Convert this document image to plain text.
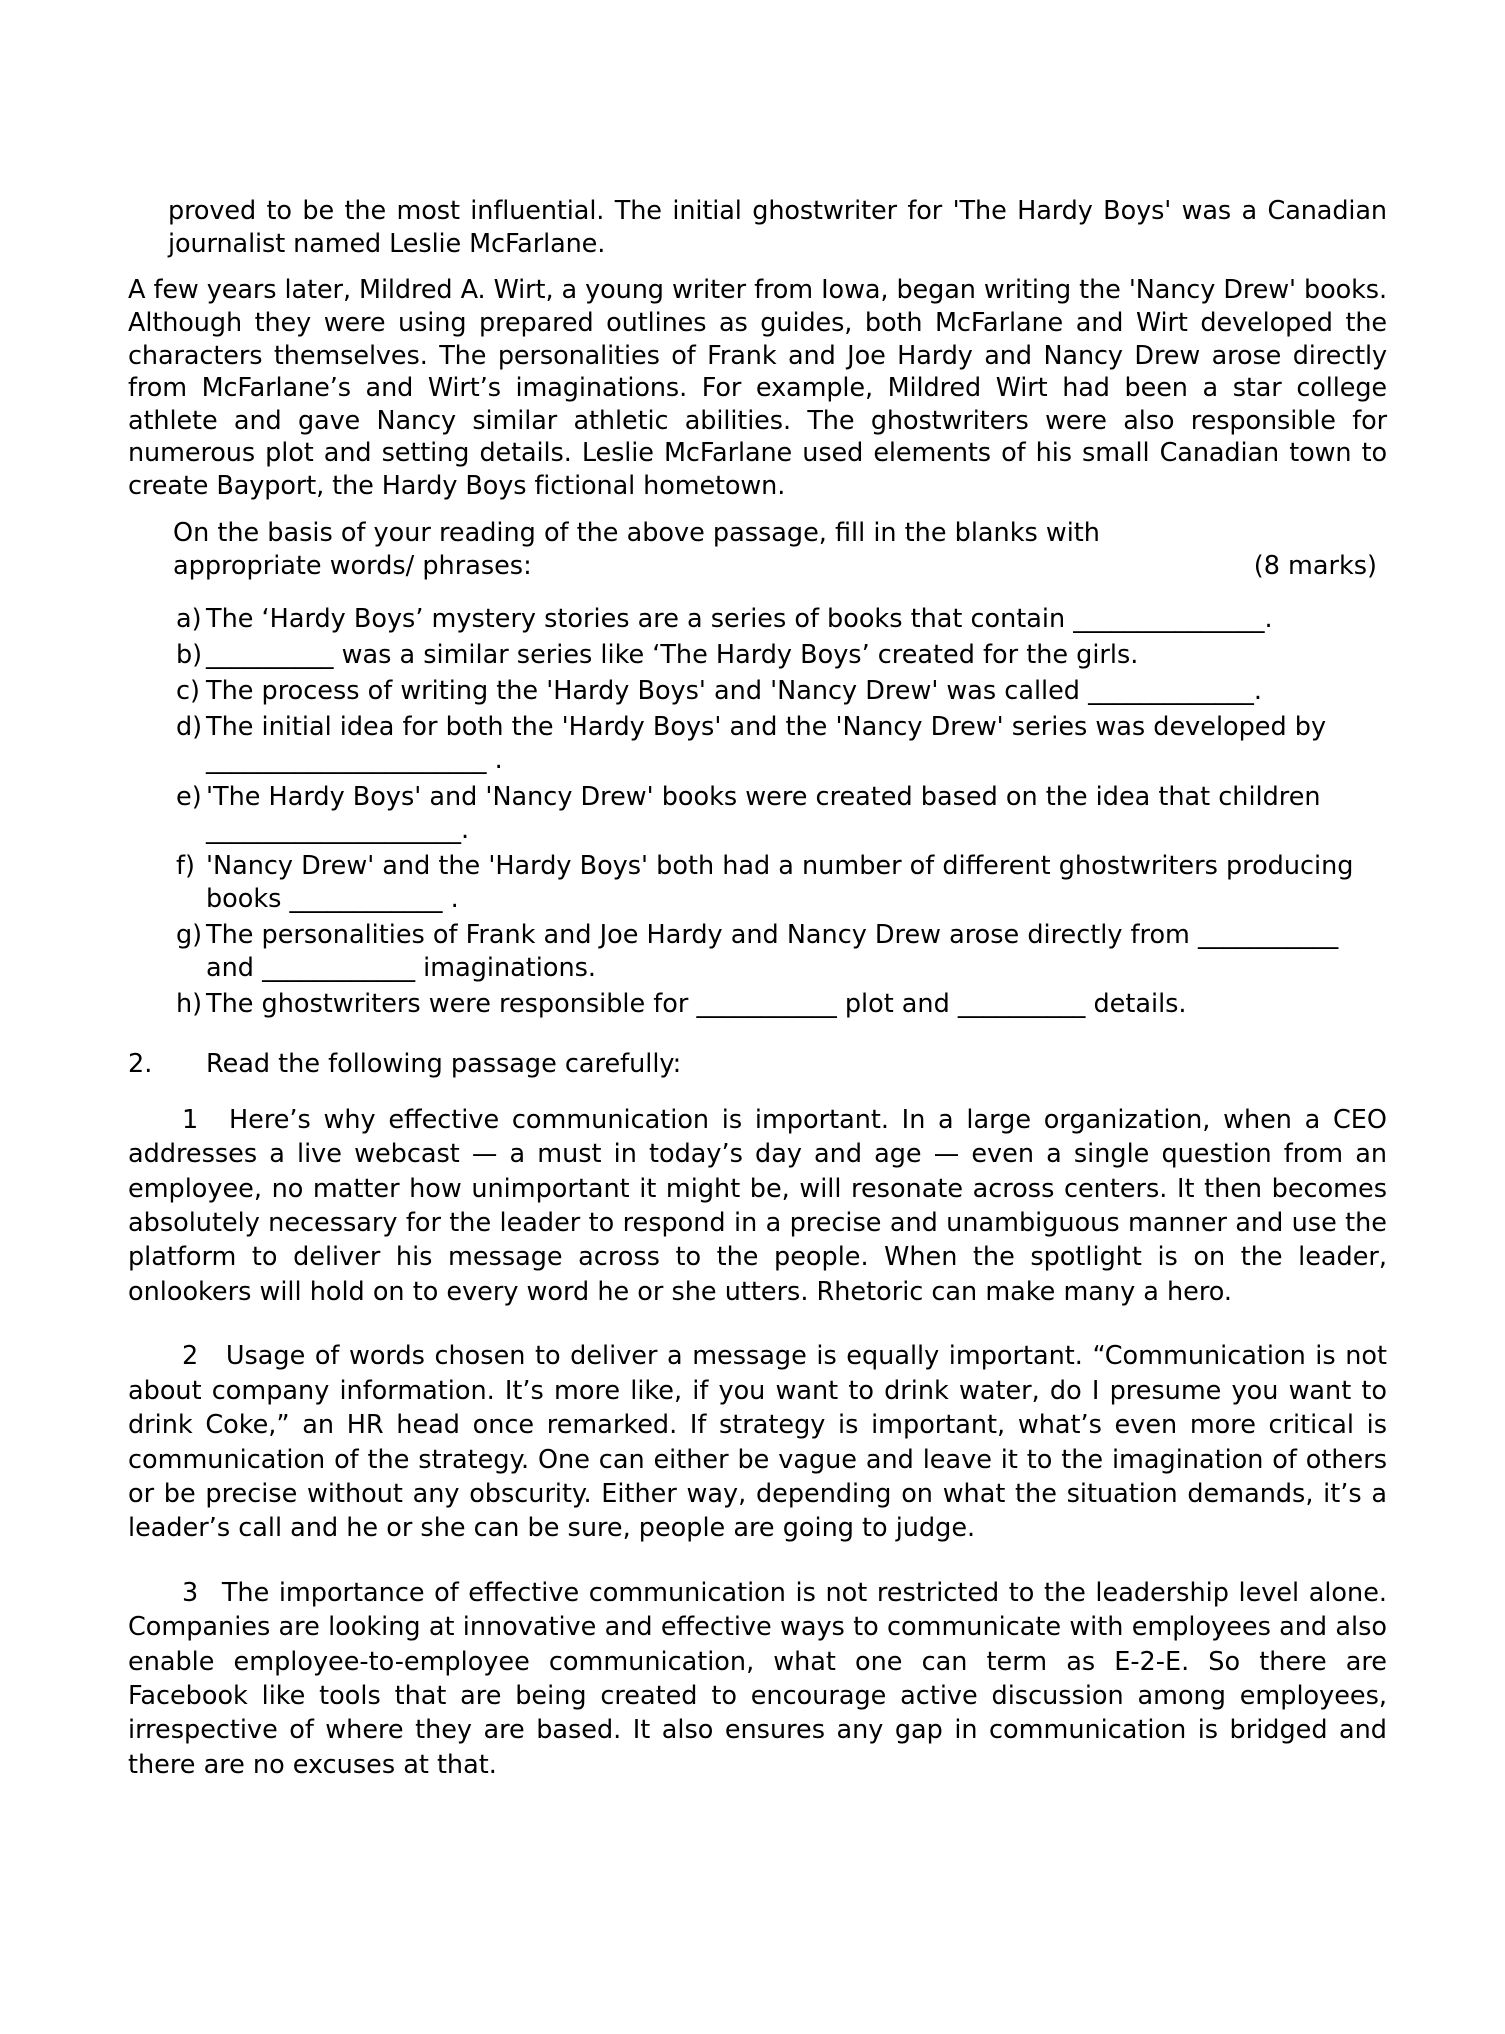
proved to be the most influential. The initial ghostwriter for 'The Hardy Boys' was a Canadian journalist named Leslie McFarlane.

A few years later, Mildred A. Wirt, a young writer from Iowa, began writing the 'Nancy Drew' books. Although they were using prepared outlines as guides, both McFarlane and Wirt developed the characters themselves. The personalities of Frank and Joe Hardy and Nancy Drew arose directly from McFarlane’s and Wirt’s imaginations. For example, Mildred Wirt had been a star college athlete and gave Nancy similar athletic abilities. The ghostwriters were also responsible for numerous plot and setting details. Leslie McFarlane used elements of his small Canadian town to create Bayport, the Hardy Boys fictional hometown.

On the basis of your reading of the above passage, fill in the blanks with
(8 marks)
appropriate words/ phrases:
a) The ‘Hardy Boys’ mystery stories are a series of books that contain _______________.
b) __________ was a similar series like ‘The Hardy Boys’ created for the girls.
c) The process of writing the 'Hardy Boys' and 'Nancy Drew' was called _____________.
d) The initial idea for both the 'Hardy Boys' and the 'Nancy Drew' series was developed by ______________________ .
e) 'The Hardy Boys' and 'Nancy Drew' books were created based on the idea that children ____________________.
f) 'Nancy Drew' and the 'Hardy Boys' both had a number of different ghostwriters producing books ____________ .
g) The personalities of Frank and Joe Hardy and Nancy Drew arose directly from ___________ and ____________ imaginations.
h) The ghostwriters were responsible for ___________ plot and __________ details.
2.	Read the following passage carefully:

1 Here’s why effective communication is important. In a large organization, when a CEO addresses a live webcast — a must in today’s day and age — even a single question from an employee, no matter how unimportant it might be, will resonate across centers. It then becomes absolutely necessary for the leader to respond in a precise and unambiguous manner and use the platform to deliver his message across to the people. When the spotlight is on the leader, onlookers will hold on to every word he or she utters. Rhetoric can make many a hero.

2 Usage of words chosen to deliver a message is equally important. “Communication is not about company information. It’s more like, if you want to drink water, do I presume you want to drink Coke,” an HR head once remarked. If strategy is important, what’s even more critical is communication of the strategy. One can either be vague and leave it to the imagination of others or be precise without any obscurity. Either way, depending on what the situation demands, it’s a leader’s call and he or she can be sure, people are going to judge.

3 The importance of effective communication is not restricted to the leadership level alone. Companies are looking at innovative and effective ways to communicate with employees and also enable employee-to-employee communication, what one can term as E-2-E. So there are Facebook like tools that are being created to encourage active discussion among employees, irrespective of where they are based. It also ensures any gap in communication is bridged and there are no excuses at that.
